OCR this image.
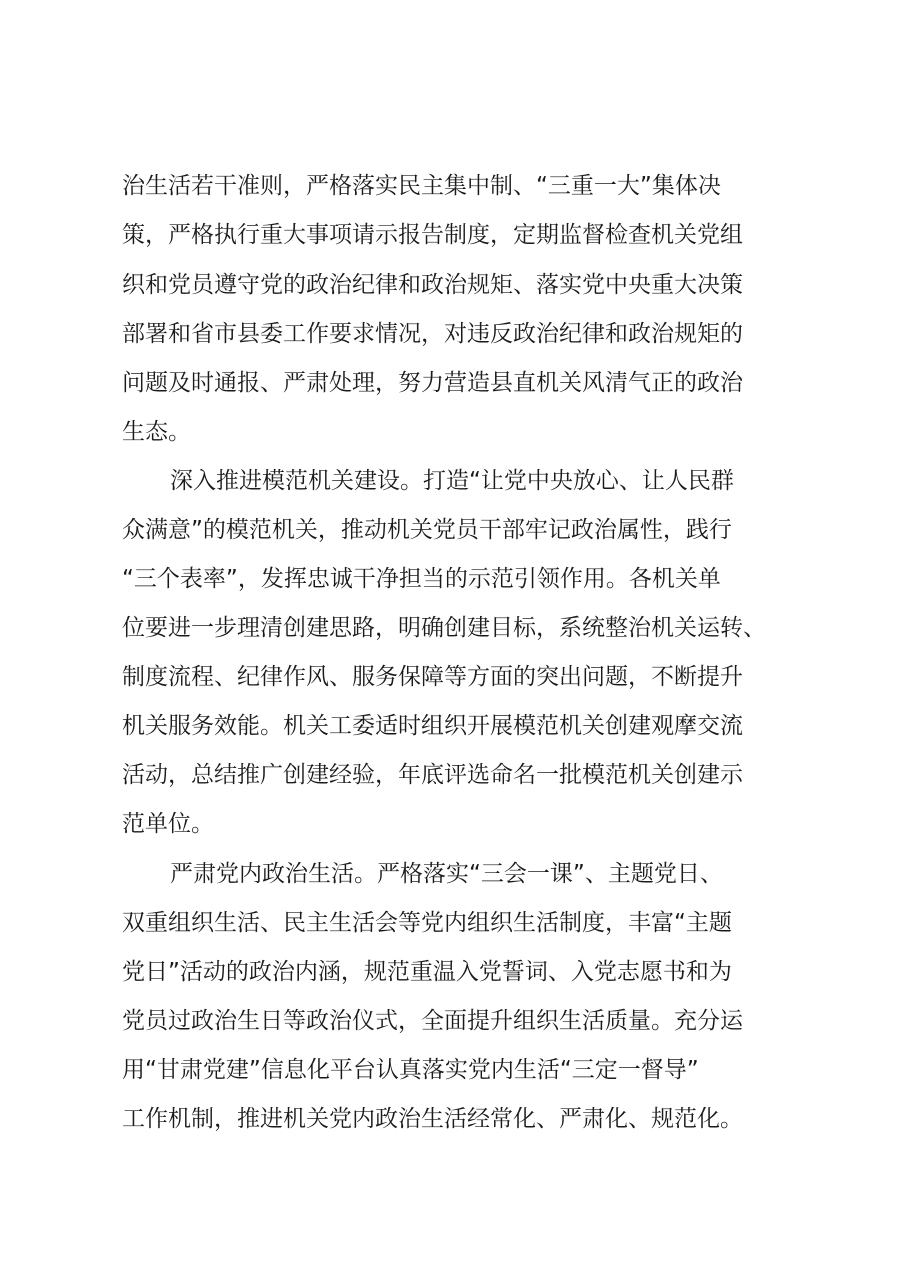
治生活若干准则，严格落实民主集中制、“三重一大”集体决
策，严格执行重大事项请示报告制度，定期监督检查机关党组
织和党员遵守党的政治纪律和政治规矩、落实党中央重大决策
部署和省市县委工作要求情况，对违反政治纪律和政治规矩的
问题及时通报、严肃处理，努力营造县直机关风清气正的政治
生态。
深入推进模范机关建设。打造“让党中央放心、让人民群
众满意”的模范机关，推动机关党员干部牢记政治属性，践行
“三个表率”，发挥忠诚干净担当的示范引领作用。各机关单
位要进一步理清创建思路，明确创建目标，系统整治机关运转、
制度流程、纪律作风、服务保障等方面的突出问题，不断提升
机关服务效能。机关工委适时组织开展模范机关创建观摩交流
活动，总结推广创建经验，年底评选命名一批模范机关创建示
范单位。
严肃党内政治生活。严格落实“三会一课”、主题党日、
双重组织生活、民主生活会等党内组织生活制度，丰富“主题
党日”活动的政治内涵，规范重温入党誓词、入党志愿书和为
党员过政治生日等政治仪式，全面提升组织生活质量。充分运
用“甘肃党建”信息化平台认真落实党内生活“三定一督导”
工作机制，推进机关党内政治生活经常化、严肃化、规范化。
